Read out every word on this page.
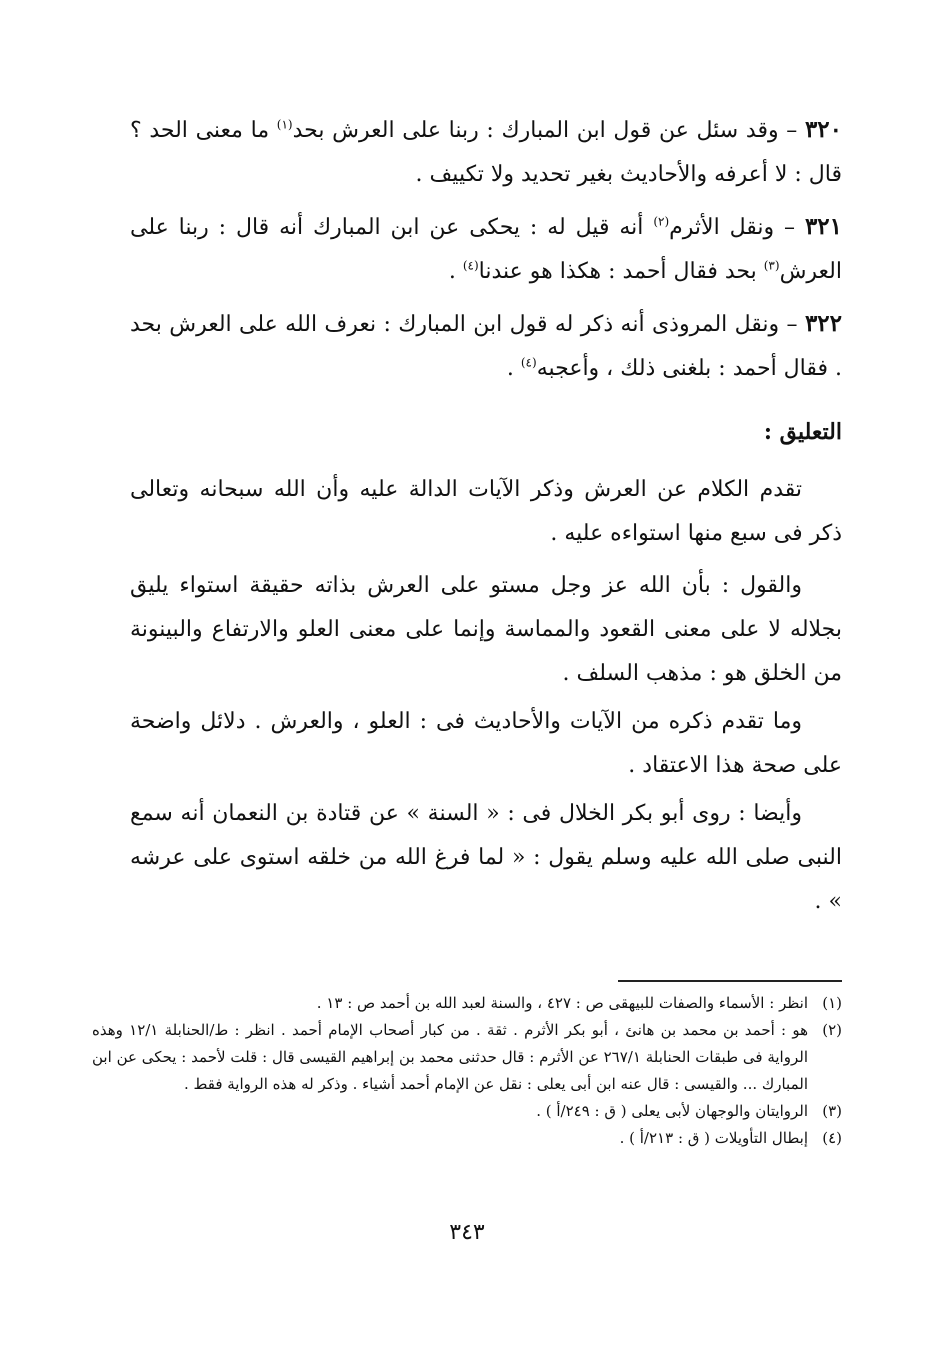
٣٢٠ – وقد سئل عن قول ابن المبارك : ربنا على العرش بحد$^{(١)}$ ما معنى الحد ؟ قال : لا أعرفه والأحاديث بغير تحديد ولا تكييف .
٣٢١ – ونقل الأثرم$^{(٢)}$ أنه قيل له : يحكى عن ابن المبارك أنه قال : ربنا على العرش$^{(٣)}$ بحد فقال أحمد : هكذا هو عندنا$^{(٤)}$ .
٣٢٢ – ونقل المروذى أنه ذكر له قول ابن المبارك : نعرف الله على العرش بحد . فقال أحمد : بلغنى ذلك ، وأعجبه$^{(٤)}$ .
التعليق :
تقدم الكلام عن العرش وذكر الآيات الدالة عليه وأن الله سبحانه وتعالى ذكر فى سبع منها استواءه عليه .
والقول : بأن الله عز وجل مستو على العرش بذاته حقيقة استواء يليق بجلاله لا على معنى القعود والمماسة وإنما على معنى العلو والارتفاع والبينونة من الخلق هو : مذهب السلف .
وما تقدم ذكره من الآيات والأحاديث فى : العلو ، والعرش . دلائل واضحة على صحة هذا الاعتقاد .
وأيضا : روى أبو بكر الخلال فى : « السنة » عن قتادة بن النعمان أنه سمع النبى صلى الله عليه وسلم يقول : « لما فرغ الله من خلقه استوى على عرشه » .
(١)
انظر : الأسماء والصفات للبيهقى ص : ٤٢٧ ، والسنة لعبد الله بن أحمد ص : ١٣ .
(٢)
هو : أحمد بن محمد بن هانئ ، أبو بكر الأثرم . ثقة . من كبار أصحاب الإمام أحمد . انظر : ط/الحنابلة ١٢/١ وهذه الرواية فى طبقات الحنابلة ٢٦٧/١ عن الأثرم : قال حدثنى محمد بن إبراهيم القيسى قال : قلت لأحمد : يحكى عن ابن المبارك ... والقيسى : قال عنه ابن أبى يعلى : نقل عن الإمام أحمد أشياء . وذكر له هذه الرواية فقط .
(٣)
الروايتان والوجهان لأبى يعلى ( ق : ٢٤٩/أ ) .
(٤)
إبطال التأويلات ( ق : ٢١٣/أ ) .
٣٤٣
